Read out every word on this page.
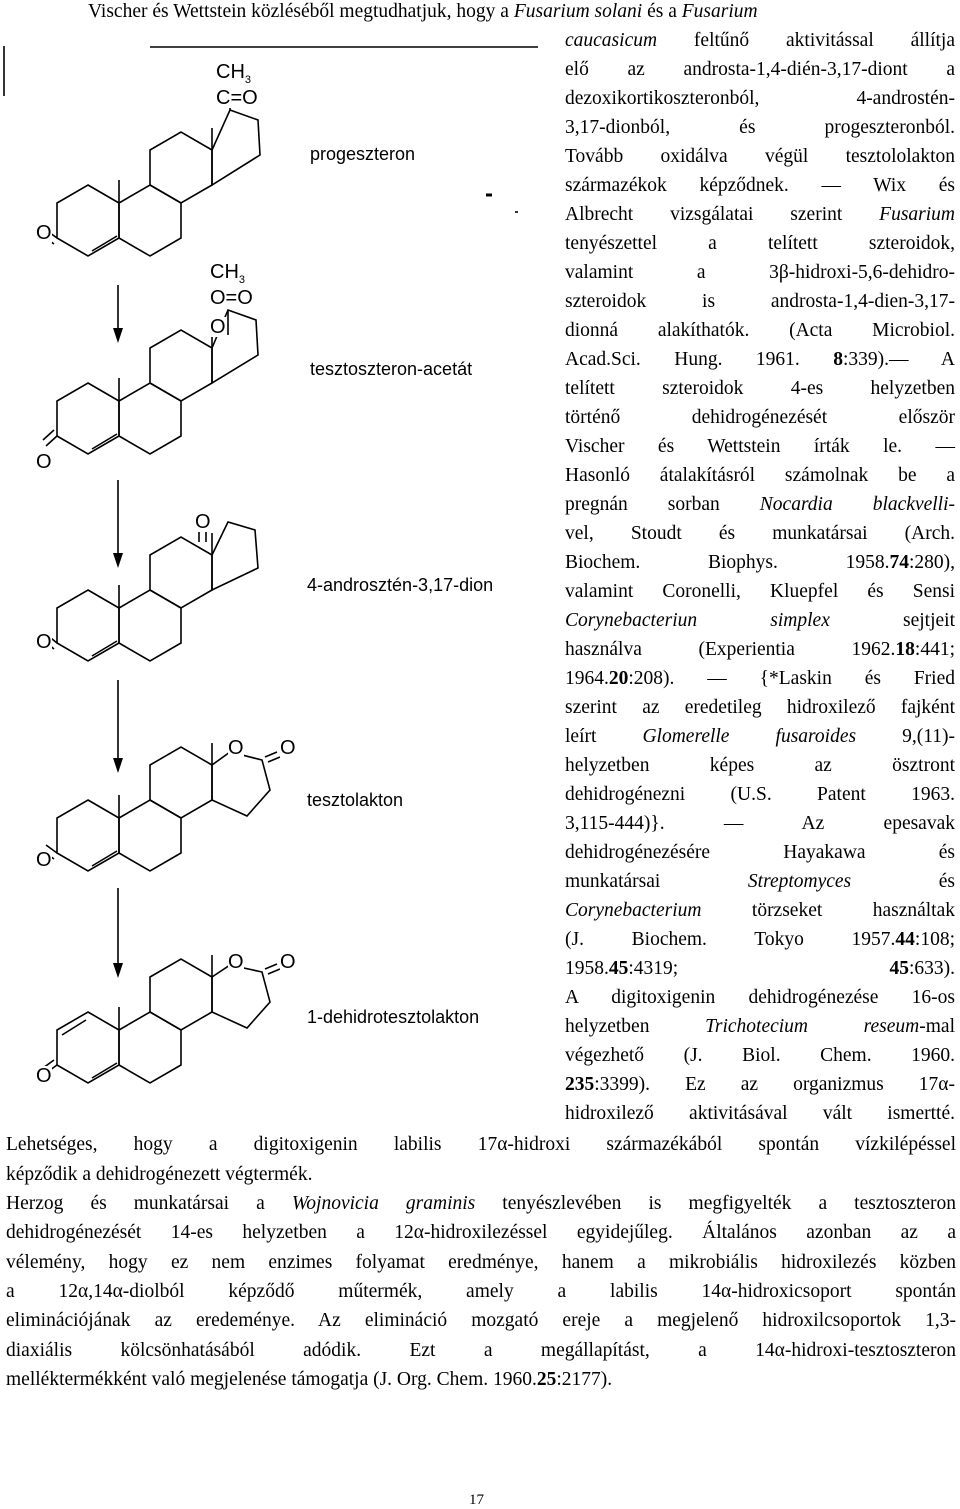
Vischer és Wettstein közléséből megtudhatjuk, hogy a Fusarium solani és a Fusarium
caucasicum feltűnő aktivitással állítja
elő az androsta-1,4-dién-3,17-diont a
dezoxikortikoszteronból, 4-androstén-
3,17-dionból, és progeszteronból.
Tovább oxidálva végül tesztololakton
származékok képződnek. — Wix és
Albrecht vizsgálatai szerint Fusarium
tenyészettel a telített szteroidok,
valamint a 3β-hidroxi-5,6-dehidro-
szteroidok is androsta-1,4-dien-3,17-
dionná alakíthatók. (Acta Microbiol.
Acad.Sci. Hung. 1961. 8:339).— A
telített szteroidok 4-es helyzetben
történő dehidrogénezését először
Vischer és Wettstein írták le. —
Hasonló átalakításról számolnak be a
pregnán sorban Nocardia blackvelli-
vel, Stoudt és munkatársai (Arch.
Biochem. Biophys. 1958.74:280),
valamint Coronelli, Kluepfel és Sensi
Corynebacteriun simplex sejtjeit
használva (Experientia 1962.18:441;
1964.20:208). — {*Laskin és Fried
szerint az eredetileg hidroxilező fajként
leírt Glomerelle fusaroides 9,(11)-
helyzetben képes az ösztront
dehidrogénezni (U.S. Patent 1963.
3,115-444)}. — Az epesavak
dehidrogénezésére Hayakawa és
munkatársai Streptomyces és
Corynebacterium törzseket használtak
(J. Biochem. Tokyo 1957.44:108;
1958.45:4319; 45:633).
A digitoxigenin dehidrogénezése 16-os
helyzetben Trichotecium reseum-mal
végezhető (J. Biol. Chem. 1960.
235:3399). Ez az organizmus 17α-
hidroxilező aktivitásával vált ismertté.
Lehetséges, hogy a digitoxigenin labilis 17α-hidroxi származékából spontán vízkilépéssel
képződik a dehidrogénezett végtermék.
Herzog és munkatársai a Wojnovicia graminis tenyészlevében is megfigyelték a tesztoszteron
dehidrogénezését 14-es helyzetben a 12α-hidroxilezéssel egyidejűleg. Általános azonban az a
vélemény, hogy ez nem enzimes folyamat eredménye, hanem a mikrobiális hidroxilezés közben
a 12α,14α-diolból képződő műtermék, amely a labilis 14α-hidroxicsoport spontán
eliminációjának az eredeménye. Az elimináció mozgató ereje a megjelenő hidroxilcsoportok 1,3-
diaxiális kölcsönhatásából adódik. Ezt a megállapítást, a 14α-hidroxi-tesztoszteron
melléktermékként való megjelenése támogatja (J. Org. Chem. 1960.25:2177).
$CH_3$
C=O
O
$CH_3$
O=O
O
O
O
O
O O
O
O O
O
progeszteron
tesztoszteron-acetát
4-androsztén-3,17-dion
tesztolakton
1-dehidrotesztolakton
17
